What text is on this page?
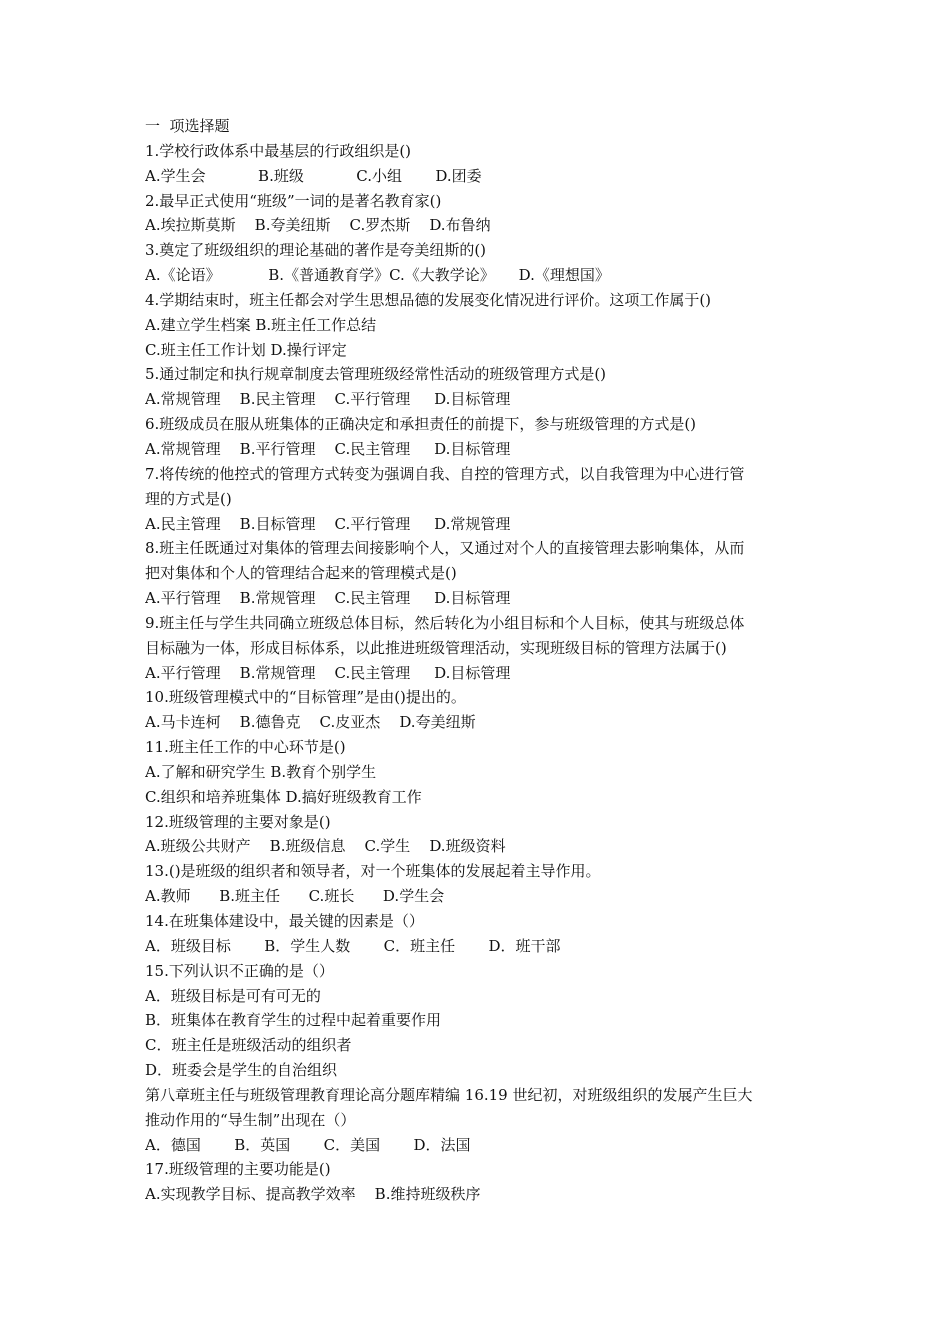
一  项选择题
1.学校行政体系中最基层的行政组织是()
A.学生会           B.班级           C.小组       D.团委
2.最早正式使用“班级”一词的是著名教育家()
A.埃拉斯莫斯    B.夸美纽斯    C.罗杰斯    D.布鲁纳
3.奠定了班级组织的理论基础的著作是夸美纽斯的()
A.《论语》          B.《普通教育学》C.《大教学论》     D.《理想国》
4.学期结束时，班主任都会对学生思想品德的发展变化情况进行评价。这项工作属于()
A.建立学生档案 B.班主任工作总结
C.班主任工作计划 D.操行评定
5.通过制定和执行规章制度去管理班级经常性活动的班级管理方式是()
A.常规管理    B.民主管理    C.平行管理     D.目标管理
6.班级成员在服从班集体的正确决定和承担责任的前提下，参与班级管理的方式是()
A.常规管理    B.平行管理    C.民主管理     D.目标管理
7.将传统的他控式的管理方式转变为强调自我、自控的管理方式，以自我管理为中心进行管
理的方式是()
A.民主管理    B.目标管理    C.平行管理     D.常规管理
8.班主任既通过对集体的管理去间接影响个人，又通过对个人的直接管理去影响集体，从而
把对集体和个人的管理结合起来的管理模式是()
A.平行管理    B.常规管理    C.民主管理     D.目标管理
9.班主任与学生共同确立班级总体目标，然后转化为小组目标和个人目标，使其与班级总体
目标融为一体，形成目标体系，以此推进班级管理活动，实现班级目标的管理方法属于()
A.平行管理    B.常规管理    C.民主管理     D.目标管理
10.班级管理模式中的“目标管理”是由()提出的。
A.马卡连柯    B.德鲁克    C.皮亚杰    D.夸美纽斯
11.班主任工作的中心环节是()
A.了解和研究学生 B.教育个别学生
C.组织和培养班集体 D.搞好班级教育工作
12.班级管理的主要对象是()
A.班级公共财产    B.班级信息    C.学生    D.班级资料
13.()是班级的组织者和领导者，对一个班集体的发展起着主导作用。
A.教师      B.班主任      C.班长      D.学生会
14.在班集体建设中，最关键的因素是（）
A．班级目标       B．学生人数       C．班主任       D．班干部
15.下列认识不正确的是（）
A．班级目标是可有可无的
B．班集体在教育学生的过程中起着重要作用
C．班主任是班级活动的组织者
D．班委会是学生的自治组织
第八章班主任与班级管理教育理论高分题库精编 16.19 世纪初，对班级组织的发展产生巨大
推动作用的“导生制”出现在（）
A．德国       B．英国       C．美国       D．法国
17.班级管理的主要功能是()
A.实现教学目标、提高教学效率    B.维持班级秩序
